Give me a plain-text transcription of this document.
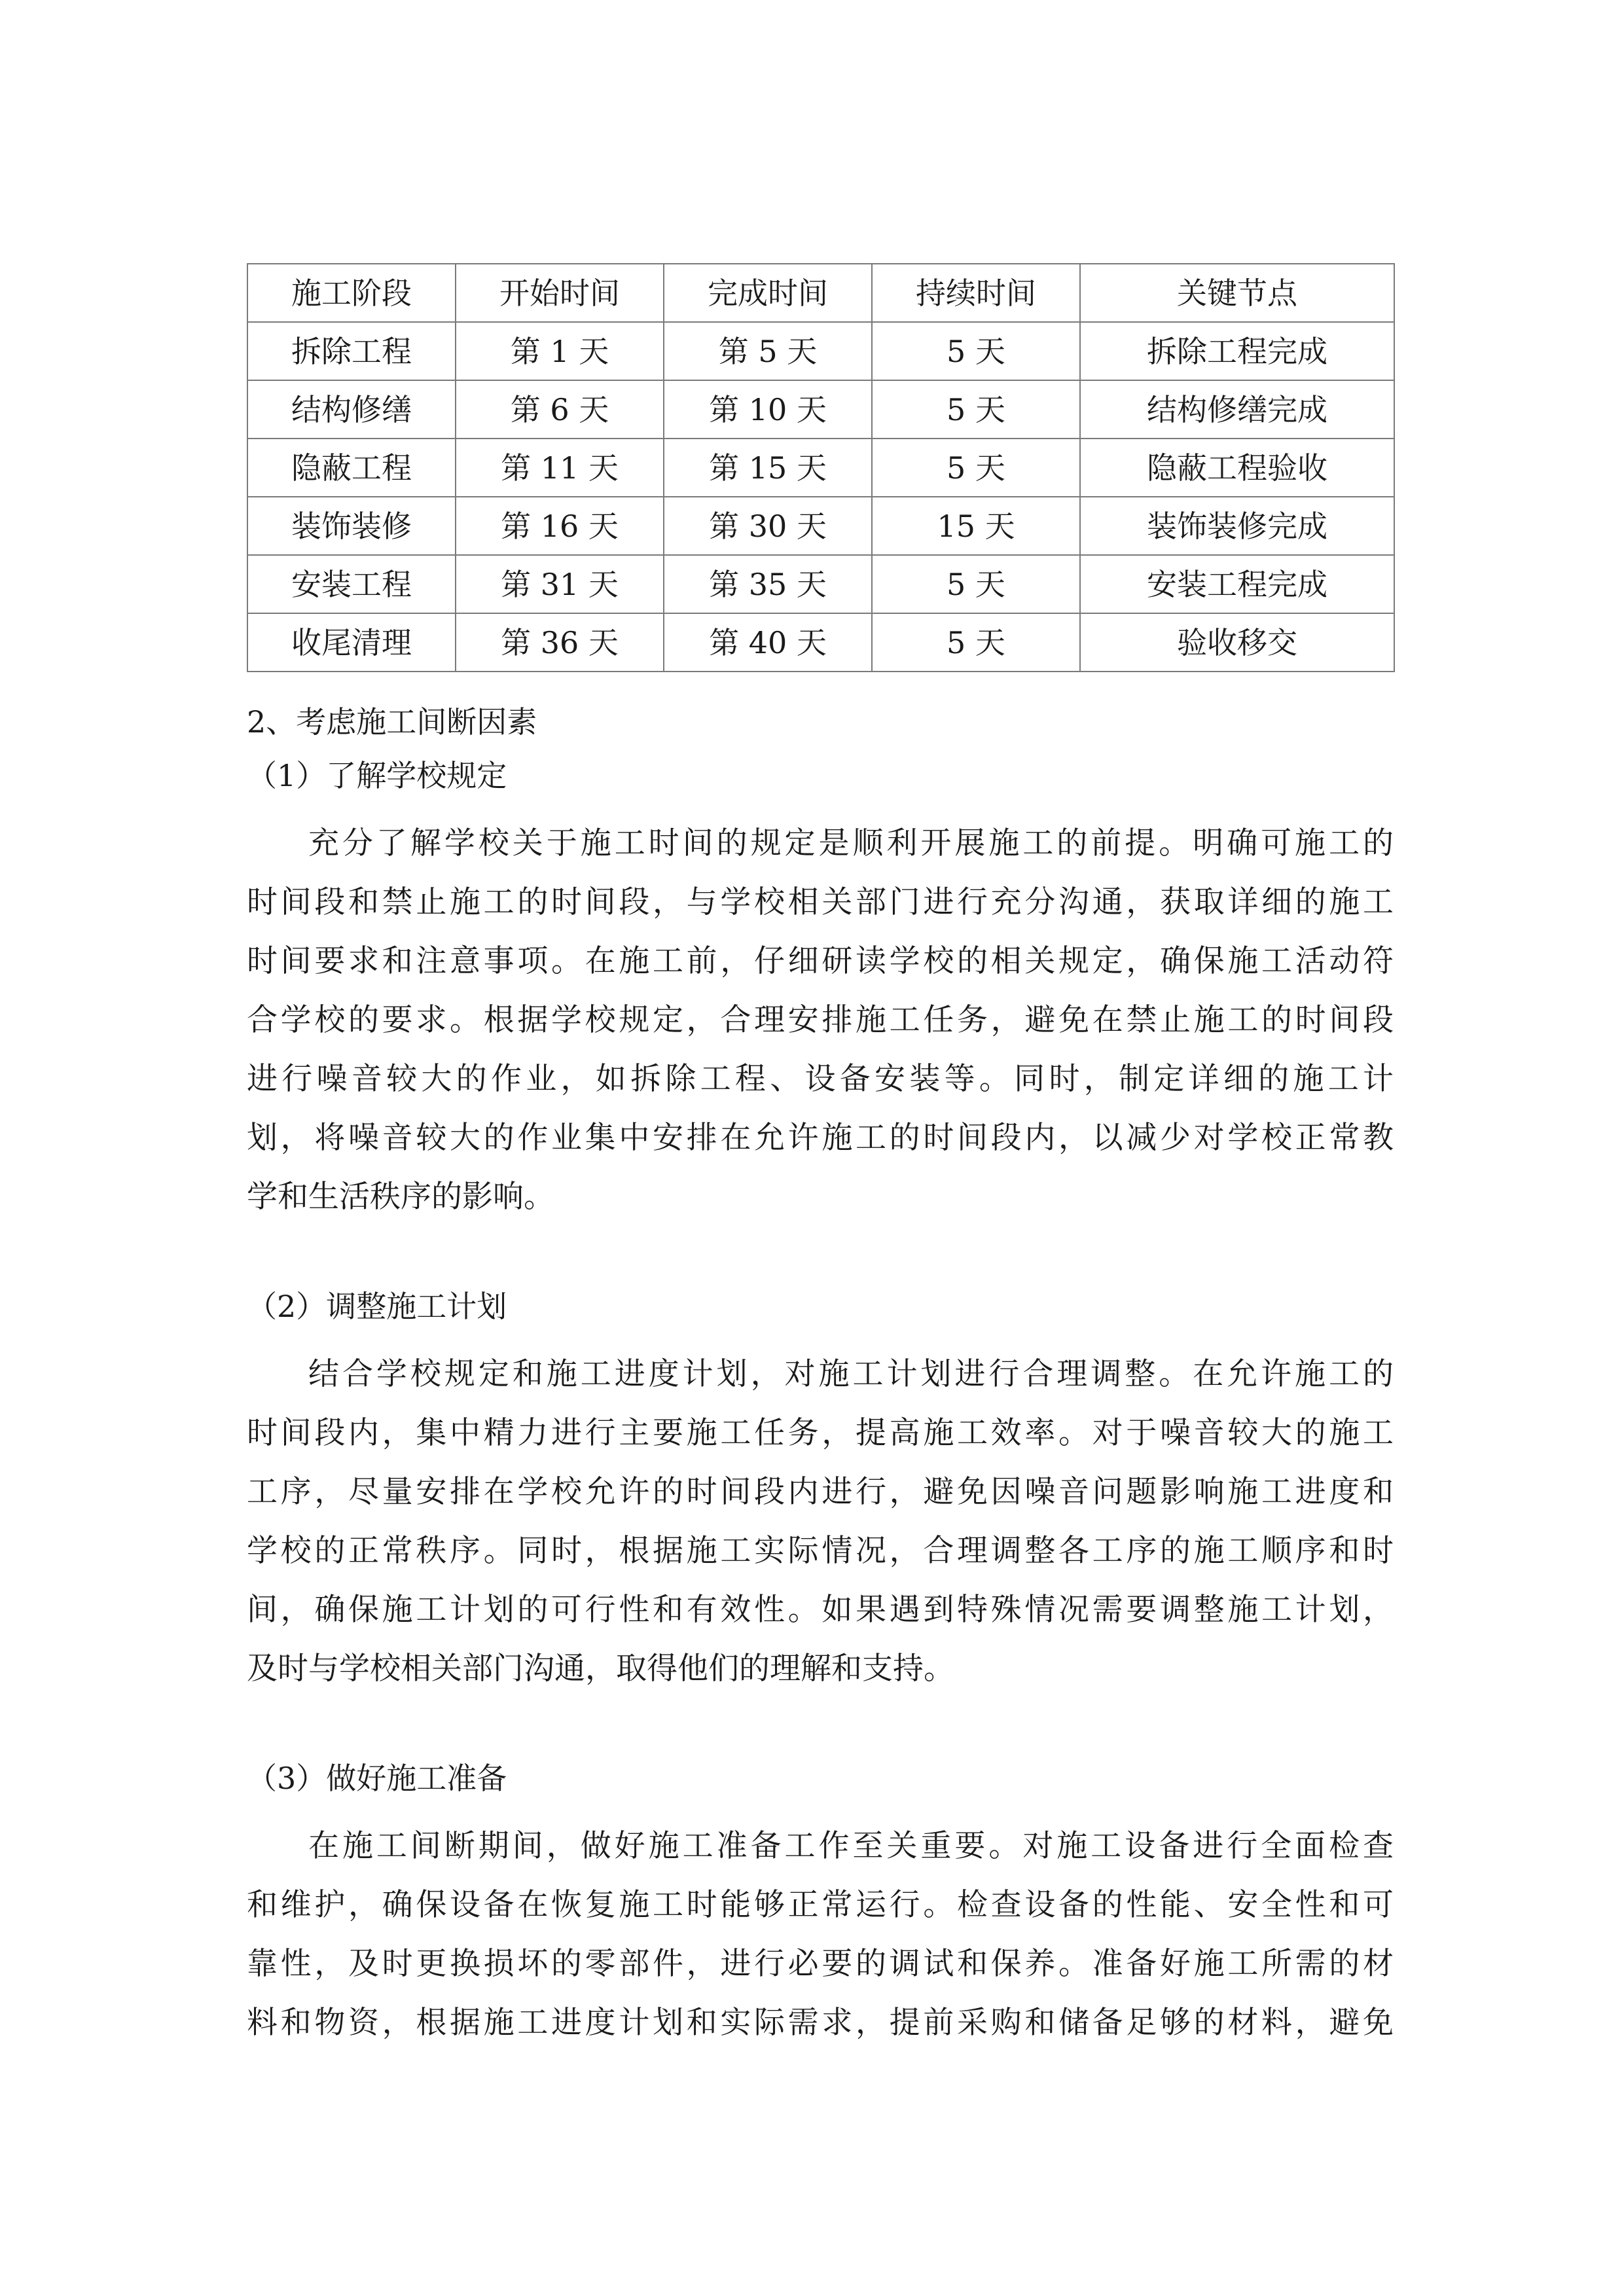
施工阶段	开始时间	完成时间	持续时间	关键节点
拆除工程	第 1 天	第 5 天	5 天	拆除工程完成
结构修缮	第 6 天	第 10 天	5 天	结构修缮完成
隐蔽工程	第 11 天	第 15 天	5 天	隐蔽工程验收
装饰装修	第 16 天	第 30 天	15 天	装饰装修完成
安装工程	第 31 天	第 35 天	5 天	安装工程完成
收尾清理	第 36 天	第 40 天	5 天	验收移交
2、考虑施工间断因素
（1）了解学校规定
充分了解学校关于施工时间的规定是顺利开展施工的前提。明确可施工的
时间段和禁止施工的时间段，与学校相关部门进行充分沟通，获取详细的施工
时间要求和注意事项。在施工前，仔细研读学校的相关规定，确保施工活动符
合学校的要求。根据学校规定，合理安排施工任务，避免在禁止施工的时间段
进行噪音较大的作业，如拆除工程、设备安装等。同时，制定详细的施工计
划，将噪音较大的作业集中安排在允许施工的时间段内，以减少对学校正常教
学和生活秩序的影响。
（2）调整施工计划
结合学校规定和施工进度计划，对施工计划进行合理调整。在允许施工的
时间段内，集中精力进行主要施工任务，提高施工效率。对于噪音较大的施工
工序，尽量安排在学校允许的时间段内进行，避免因噪音问题影响施工进度和
学校的正常秩序。同时，根据施工实际情况，合理调整各工序的施工顺序和时
间，确保施工计划的可行性和有效性。如果遇到特殊情况需要调整施工计划，
及时与学校相关部门沟通，取得他们的理解和支持。
（3）做好施工准备
在施工间断期间，做好施工准备工作至关重要。对施工设备进行全面检查
和维护，确保设备在恢复施工时能够正常运行。检查设备的性能、安全性和可
靠性，及时更换损坏的零部件，进行必要的调试和保养。准备好施工所需的材
料和物资，根据施工进度计划和实际需求，提前采购和储备足够的材料，避免
